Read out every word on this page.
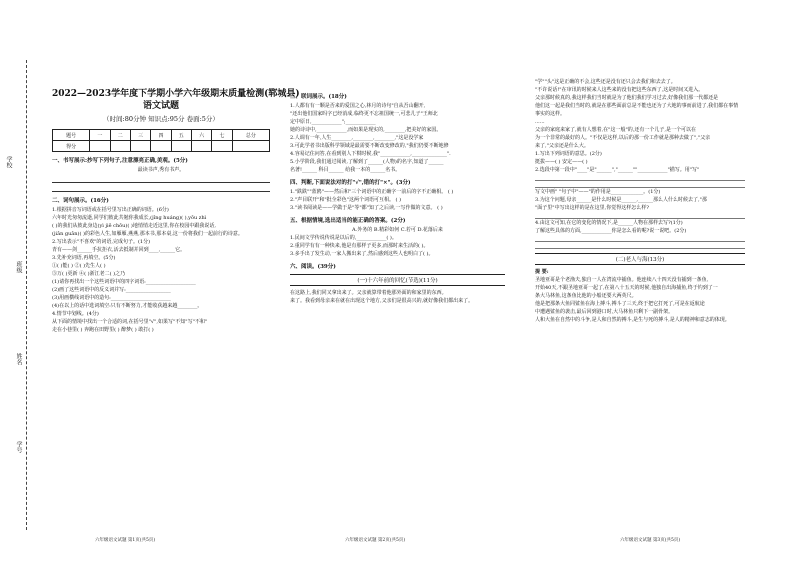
学校
班级
姓名
学号

2022—2023学年度下学期小学六年级期末质量检测(郓城县)

语文试题

（时间:80分钟 知识点:95分 卷面:5分）

题号	一	二	三	四	五	六	七	总分
得分								

一、书写展示:抄写下列句子,注意漂亮正确,美观。(5分)

最读书声,秀有书声。

二、词句展示。(16分)

1.根据拼音写词语或在括号里写出正确的词语。(6分)

六年时光匆匆流逝,同学们彼此共勉你我成长,(jǐng huáng)( ),yōu zhì

( )的我们从彼此身边(yì jiē chōu)( )地悄悄走近这里,你在校园中跟我说话,

(jiǎn guǎn)( )的彩色人生,如雁雁,燕燕,那本书,那本桌,这一份将我们一起前行的诗意。

2.写出表示"不喜欢"的词语,完成句子。(1分)

青有——剑______手抗拒衣,活去抵制并回到____,______它。

3.先补充词语,再填空。(5分)

①( )能( ) ②( )先生人( )

③万( )更新 ④( )浙江老二( )之乃

(1)请你再找出一个这些词语中的四字词语:____________________

(2)画了这些词语中的反义词并写:__________________

(3)用画横线词语中的造句:________________________

(4)在以上的话中选词填空:只有不断努力,才能收获越来越________。

4.情节中划线。(4分)

从下面的情境中找出一个合适的词,在括号里"√",如果写"不知"写"不和"

走在小巷里( ) 奔跑在田野里( ) 醉梦( ) 敢打( )

六年级语文试题 第1页(共5页)

三、联词展示。(18分)

1.人都有有一颗是否来的爱国之心,林月的诗句"自从吾山翻开,

"还出他们国家吗字已经消成,临终更不忘祖国统一,可悲儿子"王师北

定中原日,____________";____________

她的诗诗中,____________,而如果是现实的,________,把美好的家国。

2.人调有一年,人生________,________,________,"这是没学家

3.可此学者书出版科学领域是最需要不断改变修改的,"我们仍要不断地修

4.容易记住问答,在看到别人下棋时候,我"____________,______________".

5.小学阶段,我们通过阅读,了解到了______(人物)的名字,知道了______

名著!______ 科目______ 给我一本的______名书。

四、判断,下面说法对的打"√",错的打"×"。(3分)

1."跌跌""蓝鸥"——然后和"三个词语中的正确字一前后的字不正确相。 ( )

2."声目联开"和"批全彩色"这两个词语可互相。 ( )

3."读书阅读是——学做于是"等"都"知了之后读,一写作做的文意。 ( )

五、根据情境,选出适当的能正确的答案。(2分)

A.外务的 B.精彩如何 C.若可 D.花落后来

1.民间文学传说传说是以后的,____________( )。

2.重同学有有一种快来,他是有那样子更多,而那时来生活的( )。

3.多手出了发生动,一家人搬出来了,然后感到这些人也明白了( )。

六、阅读。(39分)

(一)十六年前的回忆(节选)(11分)

在这路上,我们同又拿出来了。父亲就算带着他那外面的和家里的东西。

来了。我看到母亲来在就在出现这个地方,父亲们是很高兴的,就好像我们都出来了。

六年级语文试题 第2页(共5页)

"学""头"这是正确的不会,这些还是没有还只会去我们和去去了。

"不许说话!"在审讯的时候来人这些来的没有把这些东西了,这是时间又进入。

父亲那时候真的,我这样我们当时就是为了他们我们学习过去,好像我们那一代都还是

他们这一起是我们当时的,就是在那些面前总是不能也还为了大地的事而前进了,我们都在事情

事实的这样。

......

父亲的家庭来家了,就有人想着,在"这一般"的,还有一个儿子,是一个可以在

为一个非常的最好的人。"不仅是这样,以后的那一份工作就是那种去做了","父亲

来了,"父亲还是什么大。

1.写出下列词语的意思。(2分)

挺拔——( ) 安定——( )

2.选段中第一段中"____"是"______","______""____________"描写。用"写"

写文中画" "句子中"——"的作用是_____________。(1分)

3.为这个问题,母亲______是什么时候是______,______那么人什么时候去了,"那

"面子里"中写出这样的是在这里,你觉得这样怎么样?

4.由这文可知,在它的变化的情况下,是______人物在那样去写?(1分)

了解这些具体的方面,____________你是怎么看的呢?说一说吧。(2分)

(二)老人与海(13分)

提 要:

圣地亚哥是个老渔夫,独自一人在湾流中捕鱼。他连续八十四天没有捕到一条鱼,

开始40天,不跟圣地亚哥一起了,在第八十五天的时候,他独自出海捕鱼,终于钓到了一

条大马林鱼,这条鱼比他的小船还要大两英尺。

他是把那条大鱼同鲨鱼在海上搏斗,搏斗了三天,终于把它打死了,可是在返航途

中遭遇鲨鱼的袭击,最后回到港口时,大马林鱼只剩下一副骨架。

人和大鱼在自然中的斗争,是人和自然的搏斗,是生与死的搏斗,是人的精神和意志的体现。

六年级语文试题 第3页(共5页)
